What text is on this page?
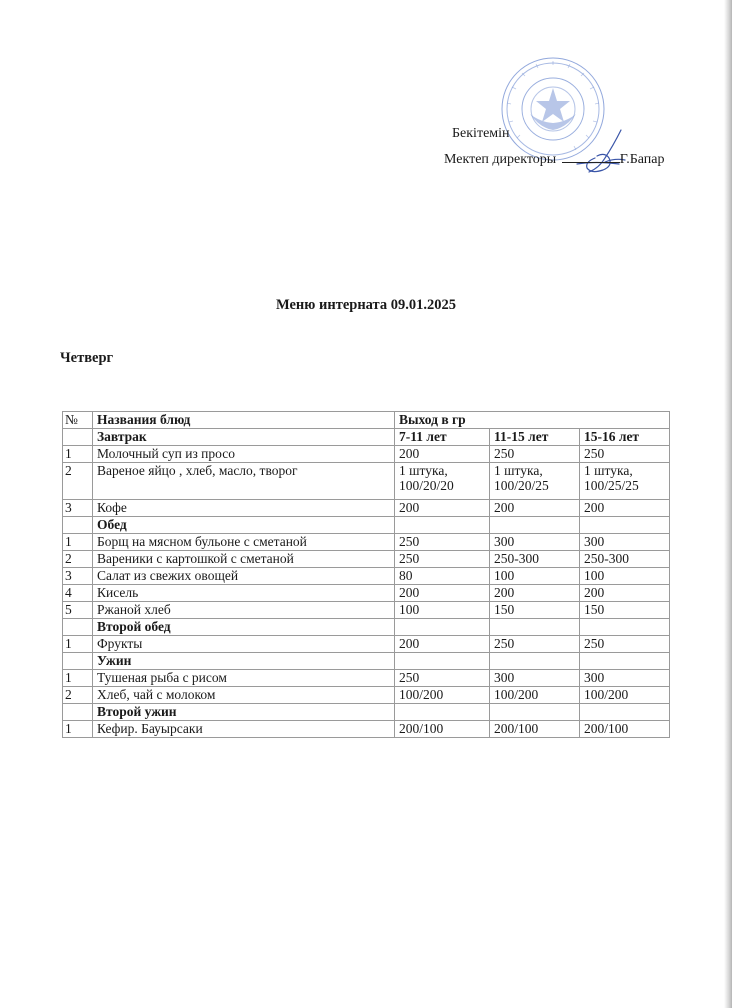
Бекітемін
Мектеп директоры	Г.Бапар
Меню интерната 09.01.2025
Четверг
№	Названия блюд	Выход в гр		
	Завтрак	7-11 лет	11-15 лет	15-16 лет
1	Молочный суп из просо	200	250	250
2	Вареное яйцо , хлеб, масло, творог	1 штука, 100/20/20	1 штука, 100/20/25	1 штука, 100/25/25
3	Кофе	200	200	200
	Обед			
1	Борщ на мясном бульоне с сметаной	250	300	300
2	Вареники с картошкой с сметаной	250	250-300	250-300
3	Салат из свежих овощей	80	100	100
4	Кисель	200	200	200
5	Ржаной хлеб	100	150	150
	Второй обед			
1	Фрукты	200	250	250
	Ужин			
1	Тушеная рыба с рисом	250	300	300
2	Хлеб, чай с молоком	100/200	100/200	100/200
	Второй ужин			
1	Кефир. Бауырсаки	200/100	200/100	200/100
